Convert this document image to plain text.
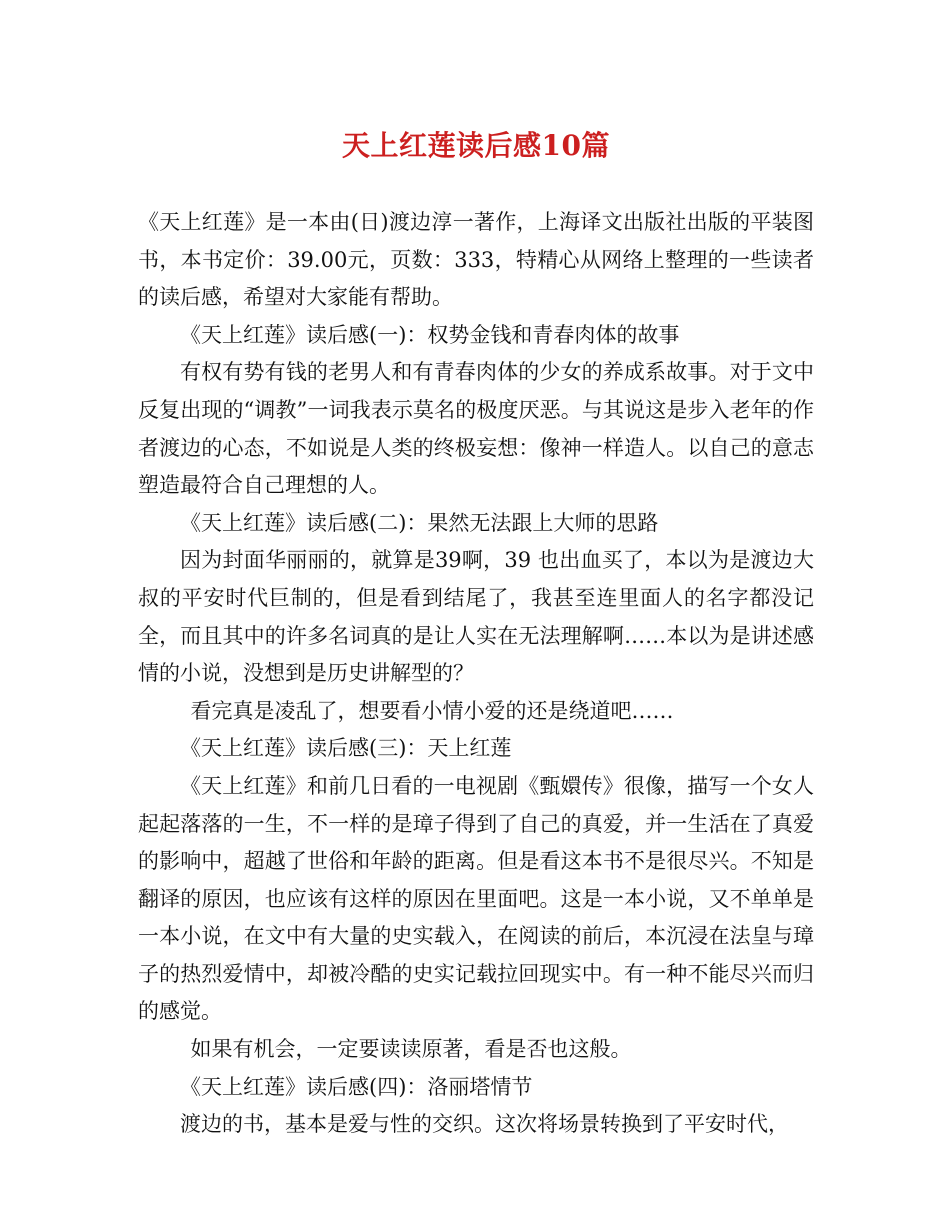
天上红莲读后感10篇

《天上红莲》是一本由(日)渡边淳一著作，上海译文出版社出版的平装图书，本书定价：39.00元，页数：333，特精心从网络上整理的一些读者的读后感，希望对大家能有帮助。

《天上红莲》读后感(一)：权势金钱和青春肉体的故事

有权有势有钱的老男人和有青春肉体的少女的养成系故事。对于文中反复出现的“调教”一词我表示莫名的极度厌恶。与其说这是步入老年的作者渡边的心态，不如说是人类的终极妄想：像神一样造人。以自己的意志塑造最符合自己理想的人。

《天上红莲》读后感(二)：果然无法跟上大师的思路

因为封面华丽丽的，就算是39啊，39 也出血买了，本以为是渡边大叔的平安时代巨制的，但是看到结尾了，我甚至连里面人的名字都没记全，而且其中的许多名词真的是让人实在无法理解啊……本以为是讲述感情的小说，没想到是历史讲解型的？

看完真是凌乱了，想要看小情小爱的还是绕道吧……

《天上红莲》读后感(三)：天上红莲

《天上红莲》和前几日看的一电视剧《甄嬛传》很像，描写一个女人起起落落的一生，不一样的是璋子得到了自己的真爱，并一生活在了真爱的影响中，超越了世俗和年龄的距离。但是看这本书不是很尽兴。不知是翻译的原因，也应该有这样的原因在里面吧。这是一本小说，又不单单是一本小说，在文中有大量的史实载入，在阅读的前后，本沉浸在法皇与璋子的热烈爱情中，却被冷酷的史实记载拉回现实中。有一种不能尽兴而归的感觉。

如果有机会，一定要读读原著，看是否也这般。

《天上红莲》读后感(四)：洛丽塔情节

渡边的书，基本是爱与性的交织。这次将场景转换到了平安时代，
